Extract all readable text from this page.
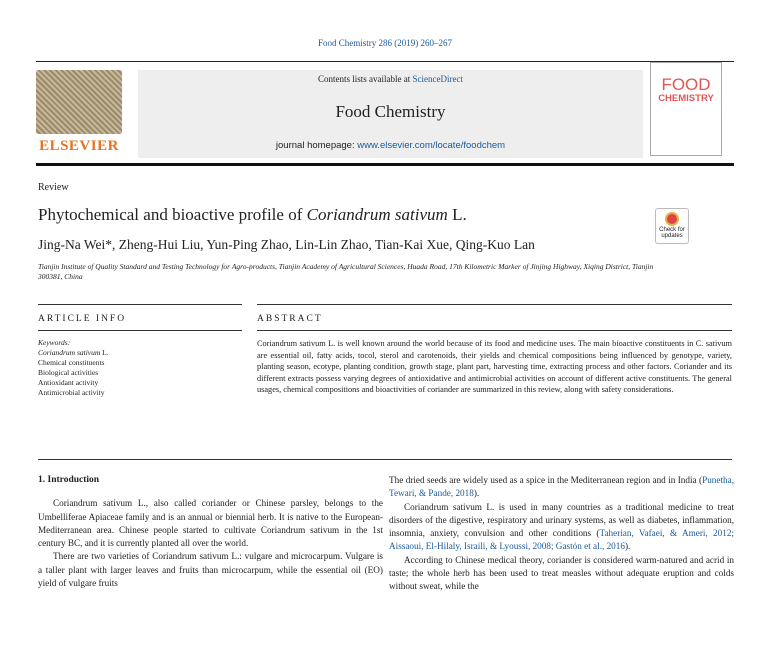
Food Chemistry 286 (2019) 260–267
ELSEVIER
Contents lists available at ScienceDirect
Food Chemistry
journal homepage: www.elsevier.com/locate/foodchem
FOOD
CHEMISTRY
Review
Phytochemical and bioactive profile of Coriandrum sativum L.
Check for updates
Jing-Na Wei*, Zheng-Hui Liu, Yun-Ping Zhao, Lin-Lin Zhao, Tian-Kai Xue, Qing-Kuo Lan
Tianjin Institute of Quality Standard and Testing Technology for Agro-products, Tianjin Academy of Agricultural Sciences, Huada Road, 17th Kilometric Marker of Jinjing Highway, Xiqing District, Tianjin 300381, China
ARTICLE INFO	ABSTRACT
Keywords:
Coriandrum sativum L.
Chemical constituents
Biological activities
Antioxidant activity
Antimicrobial activity
Coriandrum sativum L. is well known around the world because of its food and medicine uses. The main bioactive constituents in C. sativum are essential oil, fatty acids, tocol, sterol and carotenoids, their yields and chemical compositions being influenced by genotype, variety, planting season, ecotype, planting condition, growth stage, plant part, harvesting time, extracting process and other factors. Coriander and its different extracts possess varying degrees of antioxidative and antimicrobial activities on account of different active constituents. The general usages, chemical compositions and bioactivities of coriander are summarized in this review, along with safety considerations.

1. Introduction

Coriandrum sativum L., also called coriander or Chinese parsley, belongs to the Umbelliferae Apiaceae family and is an annual or biennial herb. It is native to the European-Mediterranean area. Chinese people started to cultivate Coriandrum sativum in the 1st century BC, and it is currently planted all over the world.

There are two varieties of Coriandrum sativum L.: vulgare and microcarpum. Vulgare is a taller plant with larger leaves and fruits than microcarpum, while the essential oil (EO) yield of vulgare fruits

The dried seeds are widely used as a spice in the Mediterranean region and in India (Punetha, Tewari, & Pande, 2018).

Coriandrum sativum L. is used in many countries as a traditional medicine to treat disorders of the digestive, respiratory and urinary systems, as well as diabetes, inflammation, insomnia, anxiety, convulsion and other conditions (Taherian, Vafaei, & Ameri, 2012; Aissaoui, El-Hilaly, Israili, & Lyoussi, 2008; Gastón et al., 2016).

According to Chinese medical theory, coriander is considered warm-natured and acrid in taste; the whole herb has been used to treat measles without adequate eruption and colds without sweat, while the
